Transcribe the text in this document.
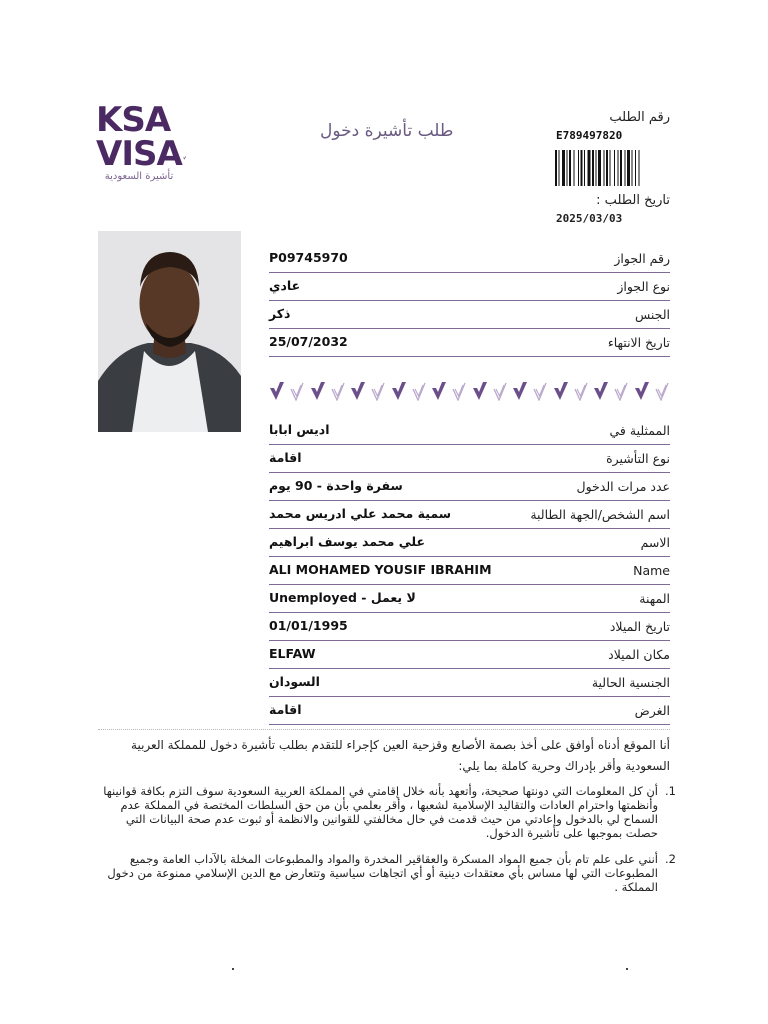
KSA
VISA
تأشيرة السعودية
طلب تأشيرة دخول
رقم الطلب
E789497820
تاريخ الطلب :
2025/03/03
رقم الجواز
P09745970
نوع الجواز
عادي
الجنس
ذكر
تاريخ الانتهاء
25/07/2032
الممثلية في
اديس ابابا
نوع التأشيرة
اقامة
عدد مرات الدخول
سفرة واحدة - 90 يوم
اسم الشخص/الجهة الطالبة
سمية محمد علي ادريس محمد
الاسم
علي محمد يوسف ابراهيم
Name
ALI MOHAMED YOUSIF IBRAHIM
المهنة
Unemployed - لا يعمل
تاريخ الميلاد
01/01/1995
مكان الميلاد
ELFAW
الجنسية الحالية
السودان
الغرض
اقامة
أنا الموقع أدناه أوافق على أخذ بصمة الأصابع وقزحية العين كإجراء للتقدم بطلب تأشيرة دخول للمملكة العربية السعودية وأقر بإدراك وحرية كاملة بما يلي:
1.
أن كل المعلومات التي دونتها صحيحة، وأتعهد بأنه خلال إقامتي في المملكة العربية السعودية سوف التزم بكافة قوانينها وأنظمتها واحترام العادات والتقاليد الإسلامية لشعبها ، وأقر بعلمي بأن من حق السلطات المختصة في المملكة عدم السماح لي بالدخول وإعادتي من حيث قدمت في حال مخالفتي للقوانين والانظمة أو ثبوت عدم صحة البيانات التي حصلت بموجبها على تأشيرة الدخول.
2.
أنني على علم تام بأن جميع المواد المسكرة والعقاقير المخدرة والمواد والمطبوعات المخلة بالآداب العامة وجميع المطبوعات التي لها مساس بأي معتقدات دينية أو أي اتجاهات سياسية وتتعارض مع الدين الإسلامي ممنوعة من دخول المملكة .
